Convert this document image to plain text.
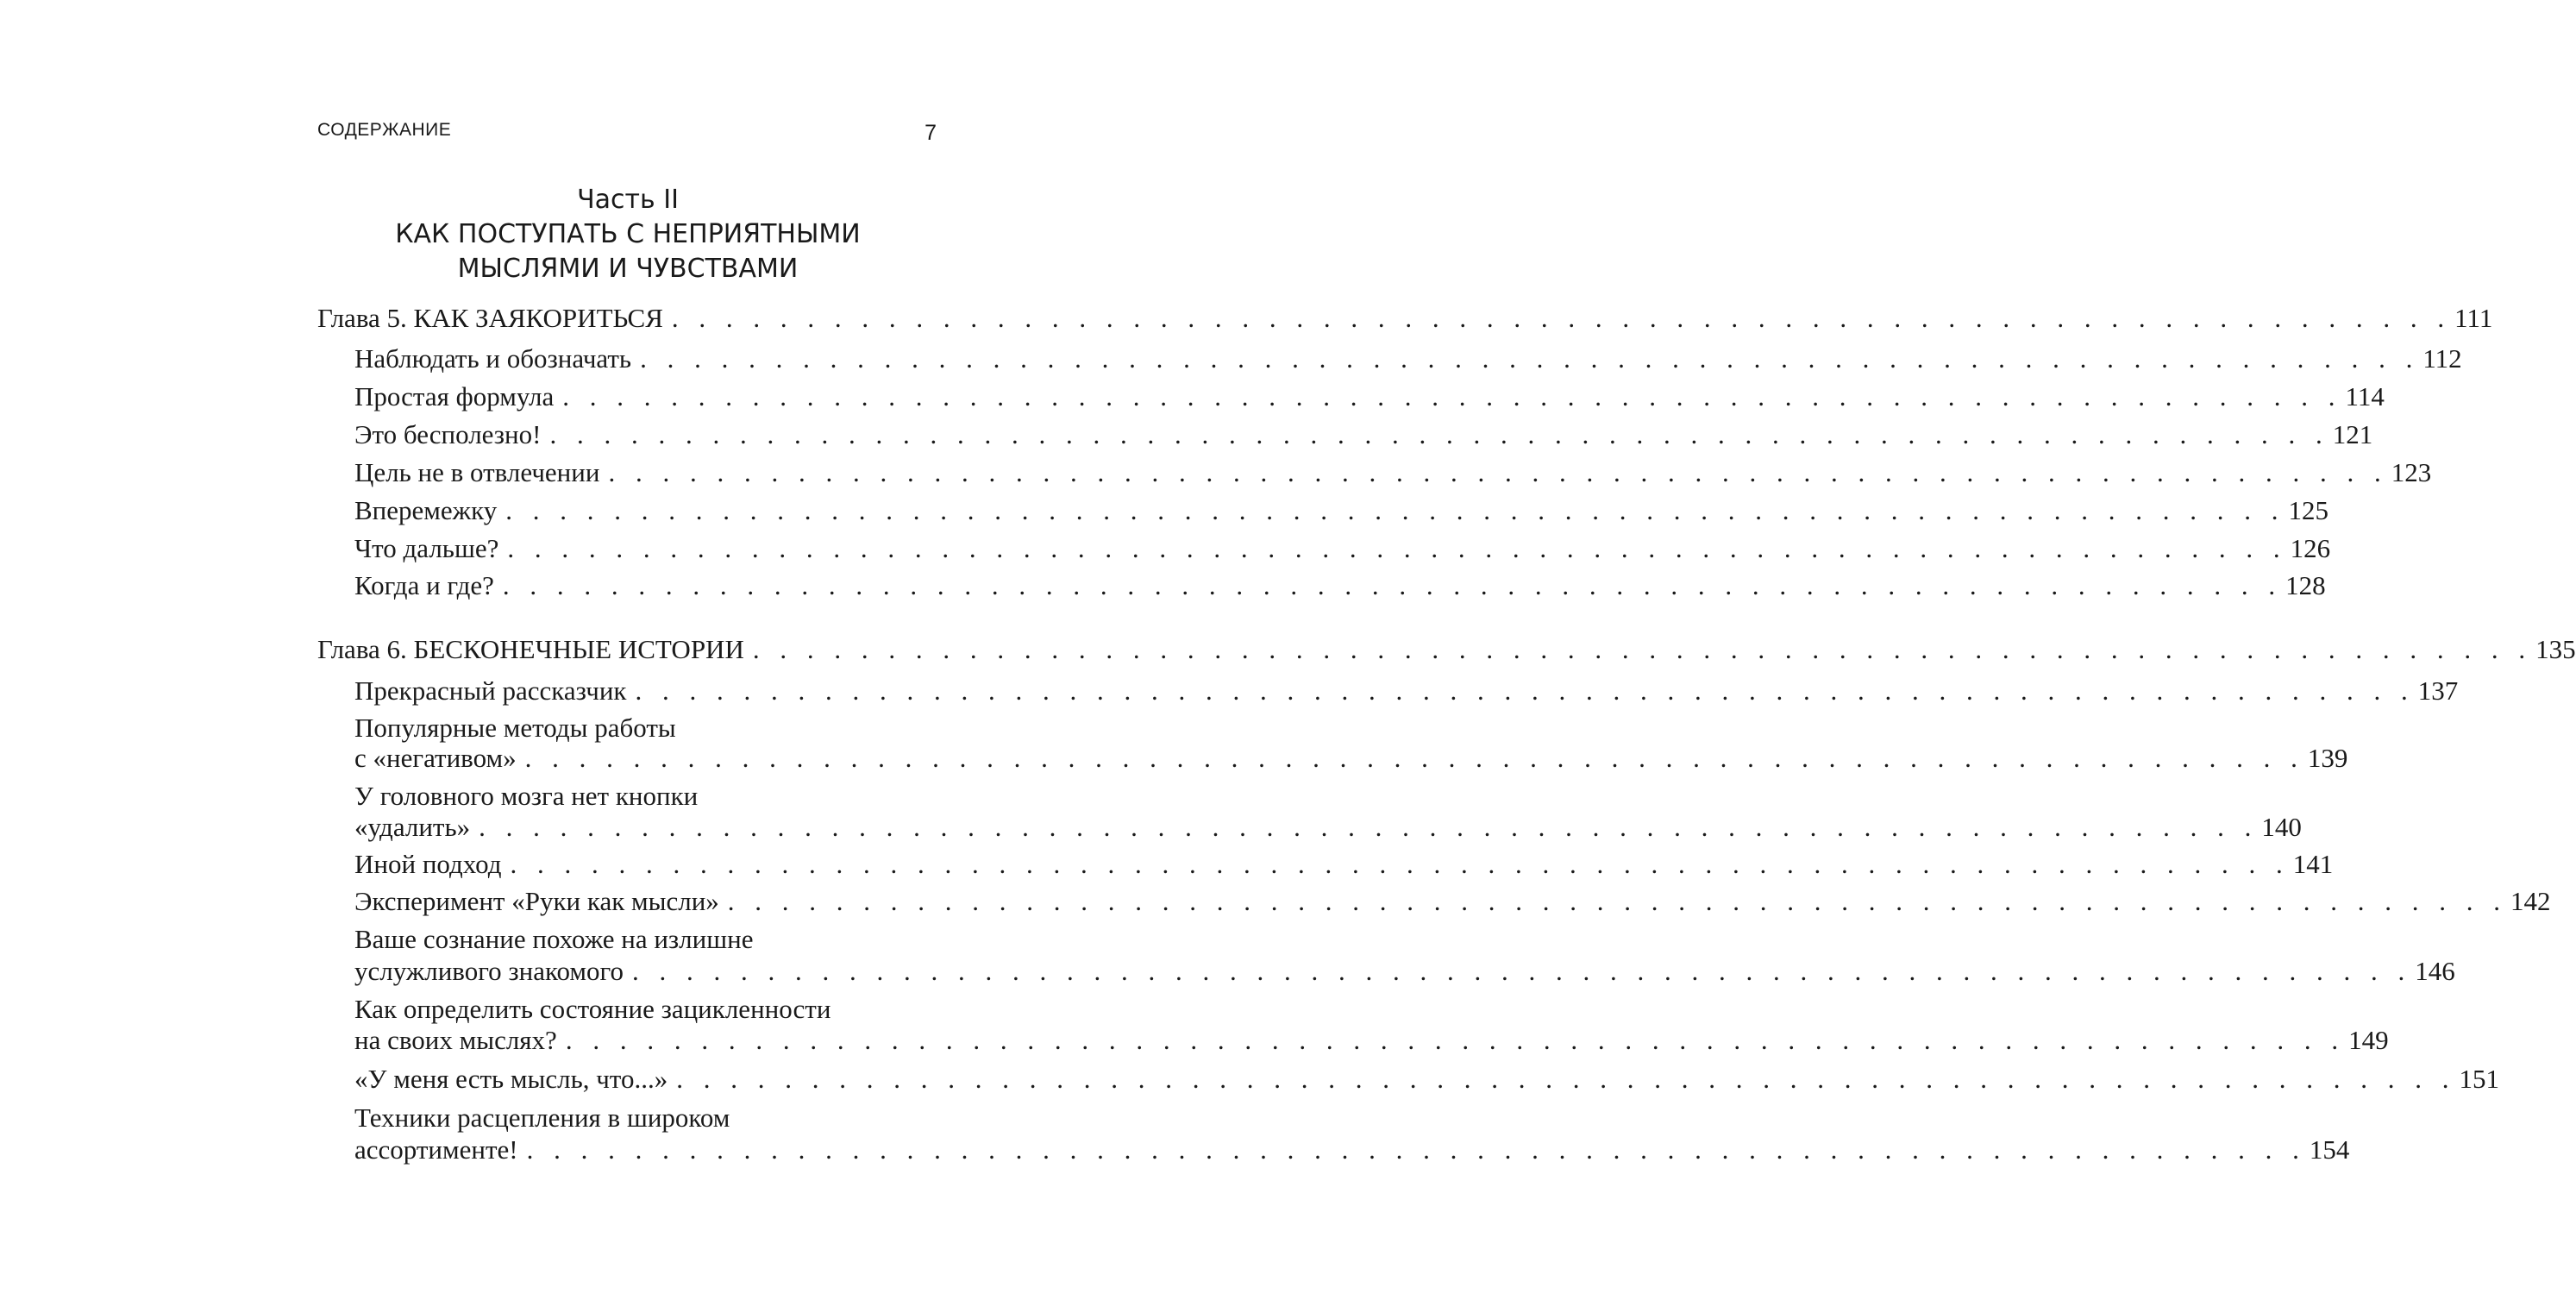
СОДЕРЖАНИЕ	7
Часть II
КАК ПОСТУПАТЬ С НЕПРИЯТНЫМИ
МЫСЛЯМИ И ЧУВСТВАМИ
Глава 5. КАК ЗАЯКОРИТЬСЯ . . . . . . . . . . . . . . . . . . . . . . . . . . . . . . . . . . . . . . . . . . . . . . . . . . . . . . . . . . . . . . . . . . 111
Наблюдать и обозначать . . . . . . . . . . . . . . . . . . . . . . . . . . . . . . . . . . . . . . . . . . . . . . . . . . . . . . . . . . . . . . . . . . 112
Простая формула . . . . . . . . . . . . . . . . . . . . . . . . . . . . . . . . . . . . . . . . . . . . . . . . . . . . . . . . . . . . . . . . . . 114
Это бесполезно! . . . . . . . . . . . . . . . . . . . . . . . . . . . . . . . . . . . . . . . . . . . . . . . . . . . . . . . . . . . . . . . . . . 121
Цель не в отвлечении . . . . . . . . . . . . . . . . . . . . . . . . . . . . . . . . . . . . . . . . . . . . . . . . . . . . . . . . . . . . . . . . . . 123
Вперемежку . . . . . . . . . . . . . . . . . . . . . . . . . . . . . . . . . . . . . . . . . . . . . . . . . . . . . . . . . . . . . . . . . . 125
Что дальше? . . . . . . . . . . . . . . . . . . . . . . . . . . . . . . . . . . . . . . . . . . . . . . . . . . . . . . . . . . . . . . . . . . 126
Когда и где? . . . . . . . . . . . . . . . . . . . . . . . . . . . . . . . . . . . . . . . . . . . . . . . . . . . . . . . . . . . . . . . . . . 128
Глава 6. БЕСКОНЕЧНЫЕ ИСТОРИИ . . . . . . . . . . . . . . . . . . . . . . . . . . . . . . . . . . . . . . . . . . . . . . . . . . . . . . . . . . . . . . . . . . 135
Прекрасный рассказчик . . . . . . . . . . . . . . . . . . . . . . . . . . . . . . . . . . . . . . . . . . . . . . . . . . . . . . . . . . . . . . . . . . 137
Популярные методы работы
с «негативом» . . . . . . . . . . . . . . . . . . . . . . . . . . . . . . . . . . . . . . . . . . . . . . . . . . . . . . . . . . . . . . . . . . 139
У головного мозга нет кнопки
«удалить» . . . . . . . . . . . . . . . . . . . . . . . . . . . . . . . . . . . . . . . . . . . . . . . . . . . . . . . . . . . . . . . . . . 140
Иной подход . . . . . . . . . . . . . . . . . . . . . . . . . . . . . . . . . . . . . . . . . . . . . . . . . . . . . . . . . . . . . . . . . . 141
Эксперимент «Руки как мысли» . . . . . . . . . . . . . . . . . . . . . . . . . . . . . . . . . . . . . . . . . . . . . . . . . . . . . . . . . . . . . . . . . . 142
Ваше сознание похоже на излишне
услужливого знакомого . . . . . . . . . . . . . . . . . . . . . . . . . . . . . . . . . . . . . . . . . . . . . . . . . . . . . . . . . . . . . . . . . . 146
Как определить состояние зацикленности
на своих мыслях? . . . . . . . . . . . . . . . . . . . . . . . . . . . . . . . . . . . . . . . . . . . . . . . . . . . . . . . . . . . . . . . . . . 149
«У меня есть мысль, что...» . . . . . . . . . . . . . . . . . . . . . . . . . . . . . . . . . . . . . . . . . . . . . . . . . . . . . . . . . . . . . . . . . . 151
Техники расцепления в широком
ассортименте! . . . . . . . . . . . . . . . . . . . . . . . . . . . . . . . . . . . . . . . . . . . . . . . . . . . . . . . . . . . . . . . . . . 154
